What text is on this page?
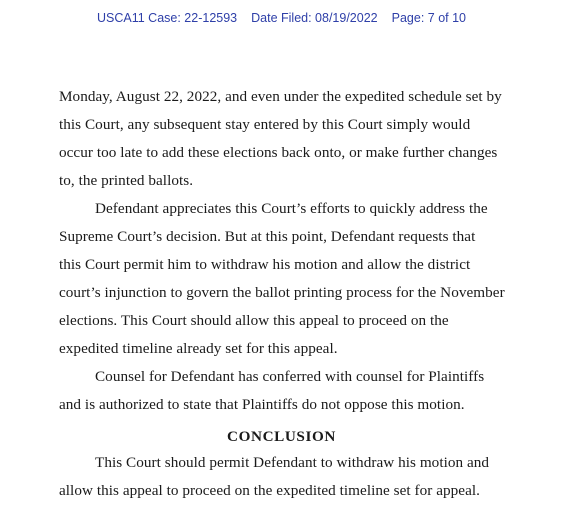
USCA11 Case: 22-12593 Date Filed: 08/19/2022 Page: 7 of 10
Monday, August 22, 2022, and even under the expedited schedule set by
this Court, any subsequent stay entered by this Court simply would
occur too late to add these elections back onto, or make further changes
to, the printed ballots.
Defendant appreciates this Court’s efforts to quickly address the
Supreme Court’s decision. But at this point, Defendant requests that
this Court permit him to withdraw his motion and allow the district
court’s injunction to govern the ballot printing process for the November
elections. This Court should allow this appeal to proceed on the
expedited timeline already set for this appeal.
Counsel for Defendant has conferred with counsel for Plaintiffs
and is authorized to state that Plaintiffs do not oppose this motion.
CONCLUSION
This Court should permit Defendant to withdraw his motion and
allow this appeal to proceed on the expedited timeline set for appeal.
